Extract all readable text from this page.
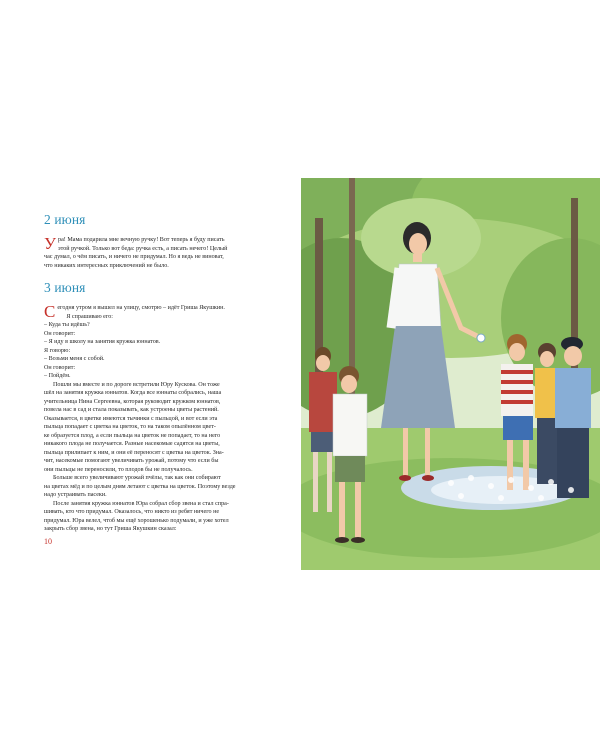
2 июня
У ра! Мама подарила мне вечную ручку! Вот теперь я буду писать
этой ручкой. Только вот беда: ручка есть, а писать нечего! Целый
час думал, о чём писать, и ничего не придумал. Но я ведь не виноват,
что никаких интересных приключений не было.
3 июня
С егодня утром я вышел на улицу, смотрю – идёт Гриша Якушкин.
Я спрашиваю его:
– Куда ты идёшь?
Он говорит:
– Я иду в школу на занятия кружка юннатов.
Я говорю:
– Возьми меня с собой.
Он говорит:
– Пойдём.
Пошли мы вместе и по дороге встретили Юру Кускова. Он тоже
шёл на занятия кружка юннатов. Когда все юннаты собрались, наша
учительница Нина Сергеевна, которая руководит кружком юннатов,
повела нас в сад и стала показывать, как устроены цветы растений.
Оказывается, в цветке имеются тычинки с пыльцой, и вот если эта
пыльца попадает с цветка на цветок, то на таком опылённом цвет-
ке образуется плод, а если пыльца на цветок не попадает, то на него
никакого плода не получается. Разные насекомые садятся на цветы,
пыльца прилипает к ним, и они её переносят с цветка на цветок. Зна-
чит, насекомые помогают увеличивать урожай, потому что если бы
они пыльцы не переносили, то плодов бы не получалось.
Больше всего увеличивают урожай пчёлы, так как они собирают
на цветах мёд и по целым дням летают с цветка на цветок. Поэтому везде
надо устраивать пасеки.
После занятия кружка юннатов Юра собрал сбор звена и стал спра-
шивать, кто что придумал. Оказалось, что никто из ребят ничего не
придумал. Юра велел, чтоб мы ещё хорошенько подумали, и уже хотел
закрыть сбор звена, но тут Гриша Якушкин сказал:
10
